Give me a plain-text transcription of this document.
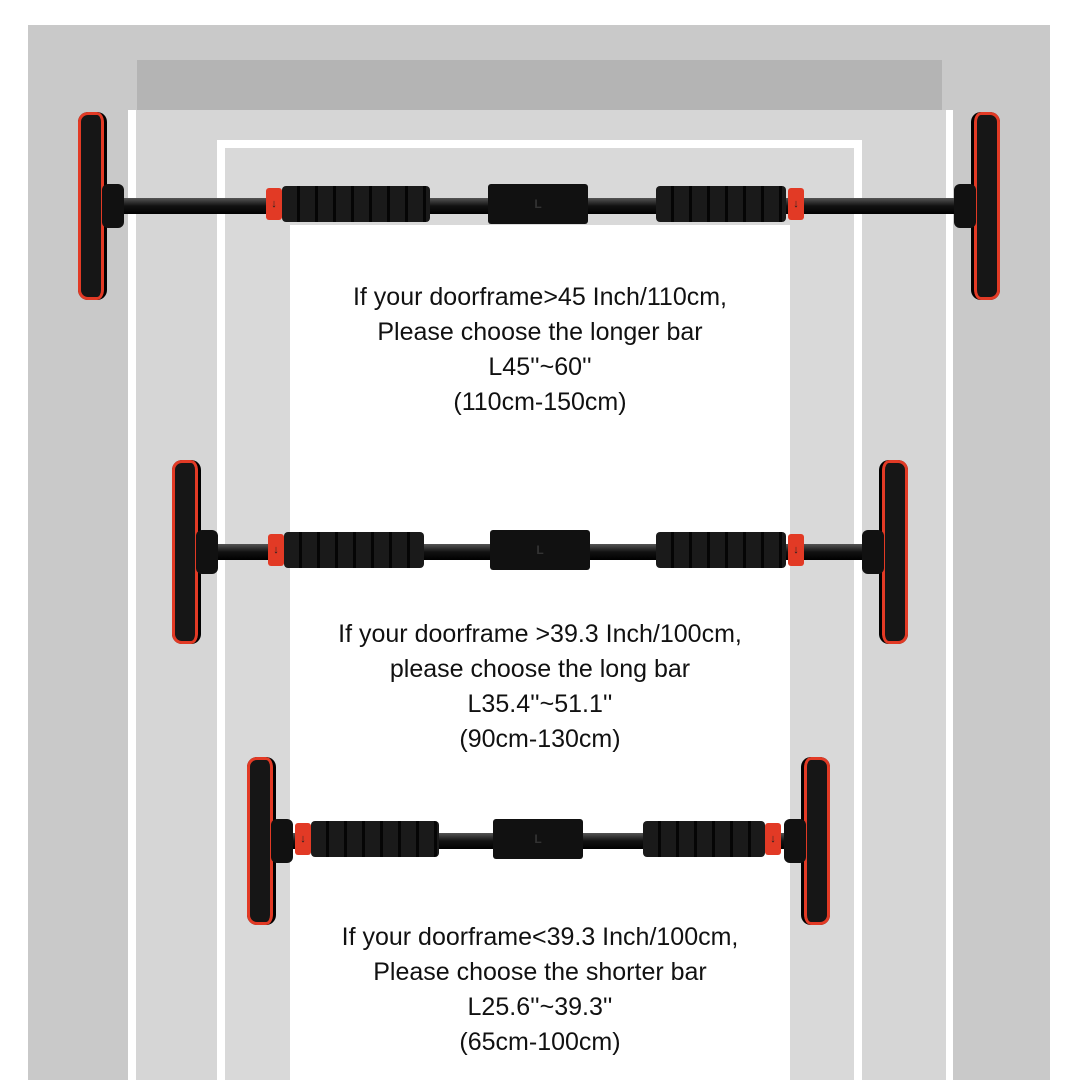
↓	L	↓
If your doorframe>45 Inch/110cm,
Please choose the longer bar
L45''~60''
(110cm-150cm)
↓	L	↓
If your doorframe >39.3 Inch/100cm,
please choose the long bar
L35.4''~51.1''
(90cm-130cm)
↓	L	↓
If your doorframe<39.3 Inch/100cm,
Please choose the shorter bar
L25.6''~39.3''
(65cm-100cm)
